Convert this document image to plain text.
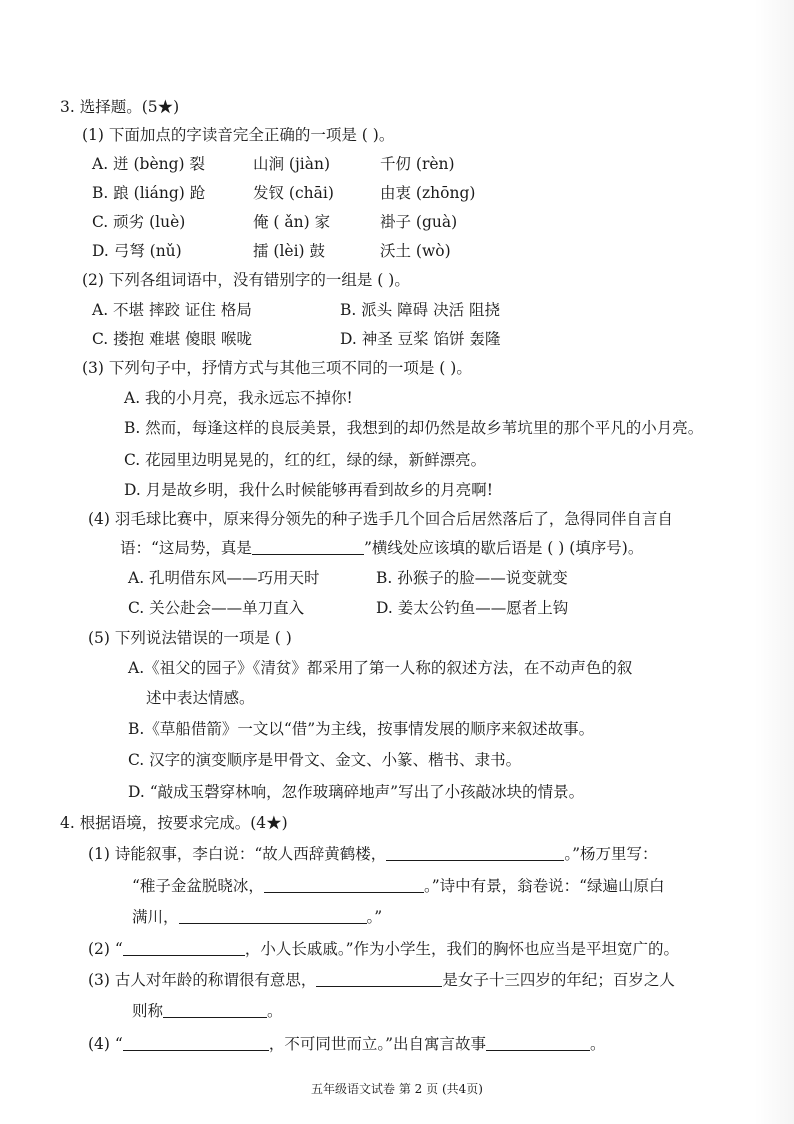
3. 选择题。(5★)
(1) 下面加点的字读音完全正确的一项是 ( )。
A. 迸 (bèng) 裂	山涧 (jiàn)	千仞 (rèn)
B. 踉 (liáng) 跄	发钗 (chāi)	由衷 (zhōng)
C. 顽劣 (luè)	俺 ( ǎn) 家	褂子 (guà)
D. 弓弩 (nǔ)	擂 (lèi) 鼓	沃土 (wò)
(2) 下列各组词语中，没有错别字的一组是 ( )。
A. 不堪 摔跤 证住 格局	B. 派头 障碍 决活 阻挠
C. 搂抱 难堪 傻眼 喉咙	D. 神圣 豆桨 馅饼 轰隆
(3) 下列句子中，抒情方式与其他三项不同的一项是 ( )。
A. 我的小月亮，我永远忘不掉你!
B. 然而，每逢这样的良辰美景，我想到的却仍然是故乡苇坑里的那个平凡的小月亮。
C. 花园里边明晃晃的，红的红，绿的绿，新鲜漂亮。
D. 月是故乡明，我什么时候能够再看到故乡的月亮啊!
(4) 羽毛球比赛中，原来得分领先的种子选手几个回合后居然落后了，急得同伴自言自
语：“这局势，真是	”横线处应该填的歇后语是 ( ) (填序号)。
A. 孔明借东风——巧用天时	B. 孙猴子的脸——说变就变
C. 关公赴会——单刀直入	D. 姜太公钓鱼——愿者上钩
(5) 下列说法错误的一项是 ( )
A.《祖父的园子》《清贫》都采用了第一人称的叙述方法，在不动声色的叙
述中表达情感。
B.《草船借箭》一文以“借”为主线，按事情发展的顺序来叙述故事。
C. 汉字的演变顺序是甲骨文、金文、小篆、楷书、隶书。
D. “敲成玉磬穿林响，忽作玻璃碎地声”写出了小孩敲冰块的情景。
4. 根据语境，按要求完成。(4★)
(1) 诗能叙事，李白说：“故人西辞黄鹤楼，	。”杨万里写：
“稚子金盆脱晓冰，	。”诗中有景，翁卷说：“绿遍山原白
满川，	。”
(2) “	，小人长戚戚。”作为小学生，我们的胸怀也应当是平坦宽广的。
(3) 古人对年龄的称谓很有意思，	是女子十三四岁的年纪；百岁之人
则称	。
(4) “	，不可同世而立。”出自寓言故事	。
五年级语文试卷 第 2 页 (共4页)
